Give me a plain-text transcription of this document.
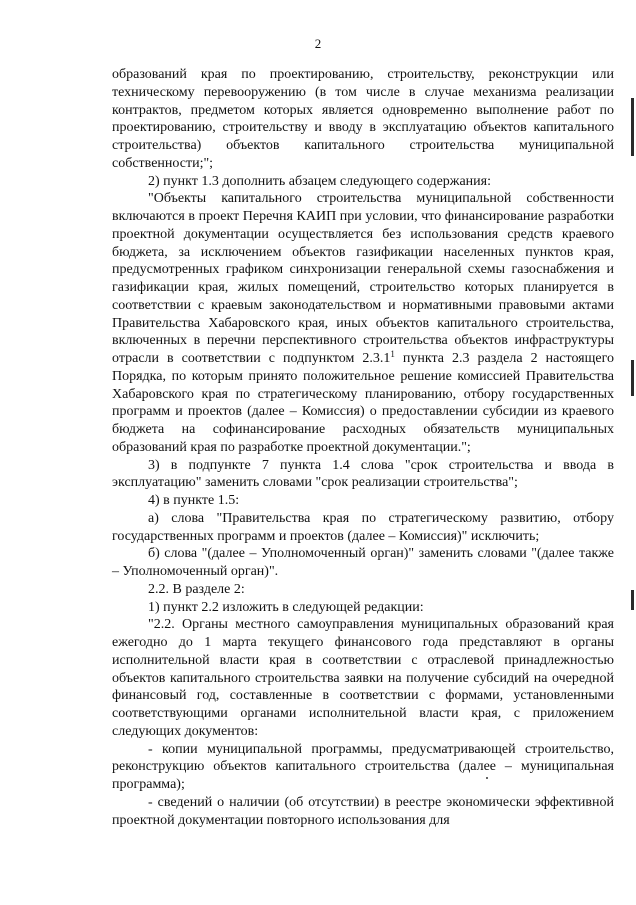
2

образований края по проектированию, строительству, реконструкции или техническому перевооружению (в том числе в случае механизма реализации контрактов, предметом которых является одновременно выполнение работ по проектированию, строительству и вводу в эксплуатацию объектов капитального строительства) объектов капитального строительства муниципальной собственности;";

2) пункт 1.3 дополнить абзацем следующего содержания:

"Объекты капитального строительства муниципальной собственности включаются в проект Перечня КАИП при условии, что финансирование разработки проектной документации осуществляется без использования средств краевого бюджета, за исключением объектов газификации населенных пунктов края, предусмотренных графиком синхронизации генеральной схемы газоснабжения и газификации края, жилых помещений, строительство которых планируется в соответствии с краевым законодательством и нормативными правовыми актами Правительства Хабаровского края, иных объектов капитального строительства, включенных в перечни перспективного строительства объектов инфраструктуры отрасли в соответствии с подпунктом 2.3.1$^1$ пункта 2.3 раздела 2 настоящего Порядка, по которым принято положительное решение комиссией Правительства Хабаровского края по стратегическому планированию, отбору государственных программ и проектов (далее – Комиссия) о предоставлении субсидии из краевого бюджета на софинансирование расходных обязательств муниципальных образований края по разработке проектной документации.";

3) в подпункте 7 пункта 1.4 слова "срок строительства и ввода в эксплуатацию" заменить словами "срок реализации строительства";

4) в пункте 1.5:

а) слова "Правительства края по стратегическому развитию, отбору государственных программ и проектов (далее – Комиссия)" исключить;

б) слова "(далее – Уполномоченный орган)" заменить словами "(далее также – Уполномоченный орган)".

2.2. В разделе 2:

1) пункт 2.2 изложить в следующей редакции:

"2.2. Органы местного самоуправления муниципальных образований края ежегодно до 1 марта текущего финансового года представляют в органы исполнительной власти края в соответствии с отраслевой принадлежностью объектов капитального строительства заявки на получение субсидий на очередной финансовый год, составленные в соответствии с формами, установленными соответствующими органами исполнительной власти края, с приложением следующих документов:

- копии муниципальной программы, предусматривающей строительство, реконструкцию объектов капитального строительства (далее – муниципальная программа);

- сведений о наличии (об отсутствии) в реестре экономически эффективной проектной документации повторного использования для
